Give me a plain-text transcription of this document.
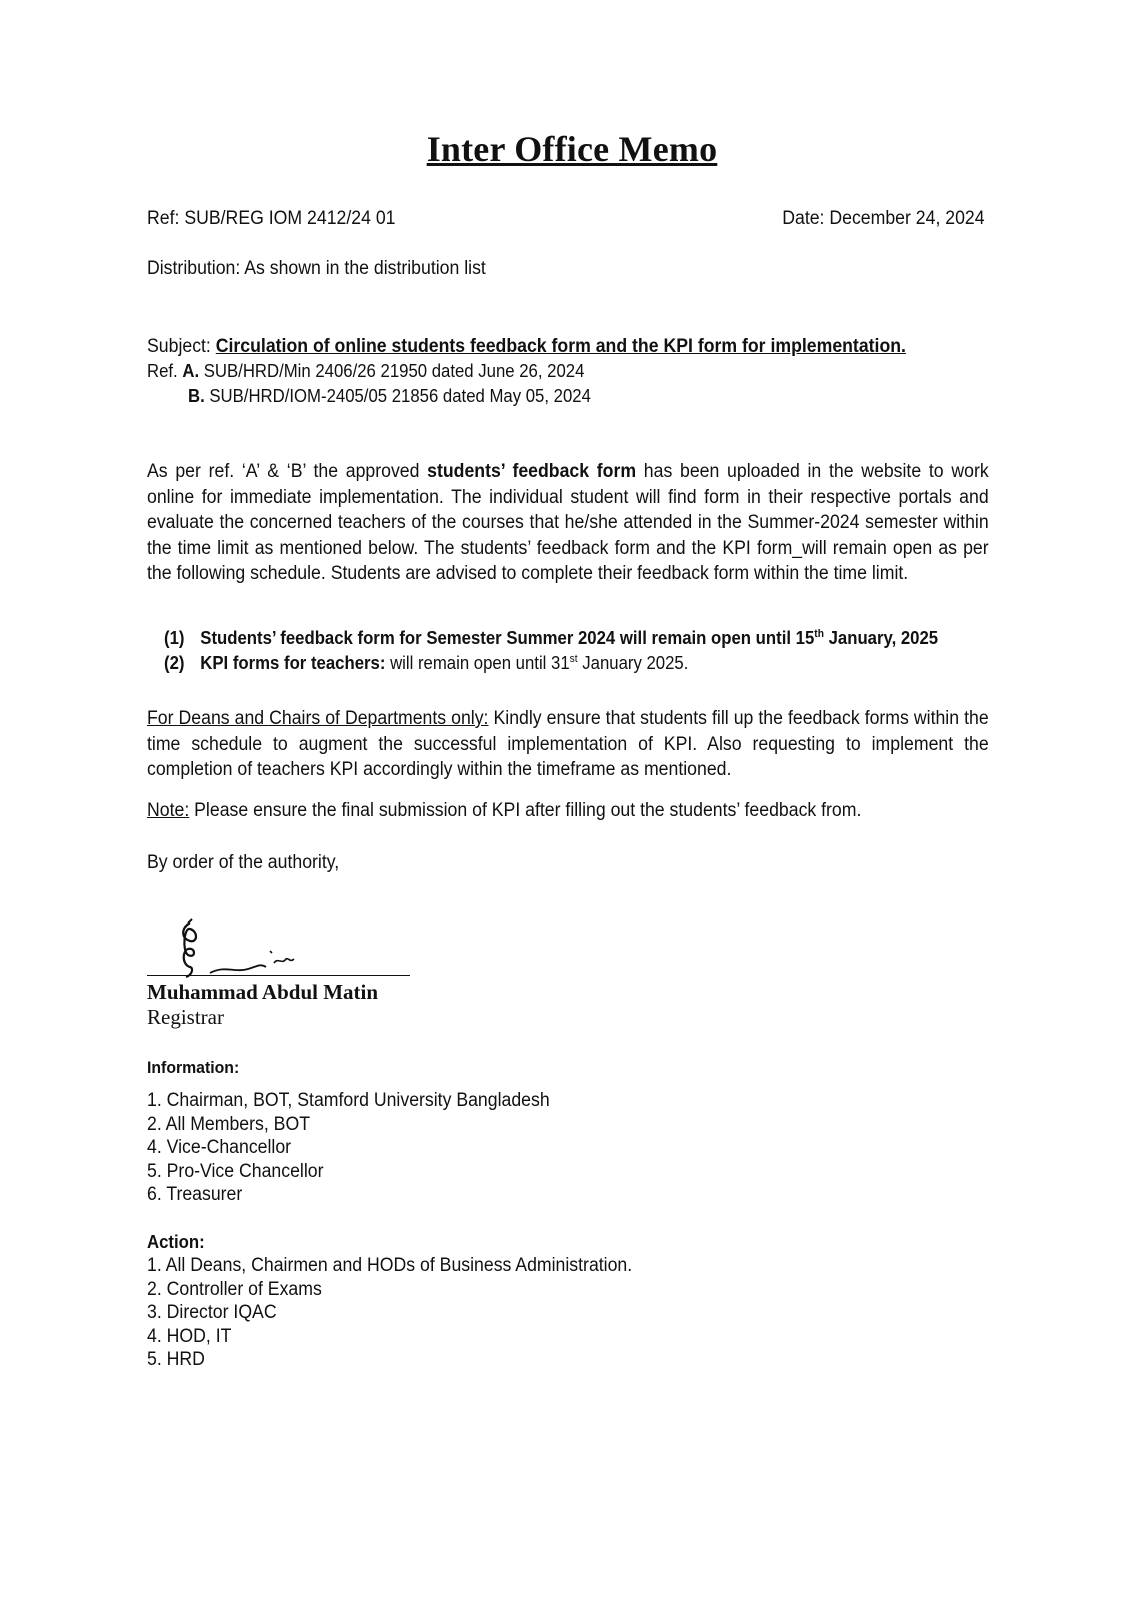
Inter Office Memo
Ref: SUB/REG IOM 2412/24 01	Date: December 24, 2024
Distribution: As shown in the distribution list
Subject: Circulation of online students feedback form and the KPI form for implementation.
Ref. A. SUB/HRD/Min 2406/26 21950 dated June 26, 2024
B. SUB/HRD/IOM-2405/05 21856 dated May 05, 2024
As per ref. ‘A’ & ‘B’ the approved students’ feedback form has been uploaded in the website to work online for immediate implementation. The individual student will find form in their respective portals and evaluate the concerned teachers of the courses that he/she attended in the Summer-2024 semester within the time limit as mentioned below. The students’ feedback form and the KPI form_will remain open as per the following schedule. Students are advised to complete their feedback form within the time limit.
(1) Students’ feedback form for Semester Summer 2024 will remain open until 15th January, 2025
(2) KPI forms for teachers: will remain open until 31st January 2025.
For Deans and Chairs of Departments only: Kindly ensure that students fill up the feedback forms within the time schedule to augment the successful implementation of KPI. Also requesting to implement the completion of teachers KPI accordingly within the timeframe as mentioned.
Note: Please ensure the final submission of KPI after filling out the students’ feedback from.
By order of the authority,
Muhammad Abdul Matin
Registrar
Information:
1. Chairman, BOT, Stamford University Bangladesh
2. All Members, BOT
4. Vice-Chancellor
5. Pro-Vice Chancellor
6. Treasurer
Action:
1. All Deans, Chairmen and HODs of Business Administration.
2. Controller of Exams
3. Director IQAC
4. HOD, IT
5. HRD
